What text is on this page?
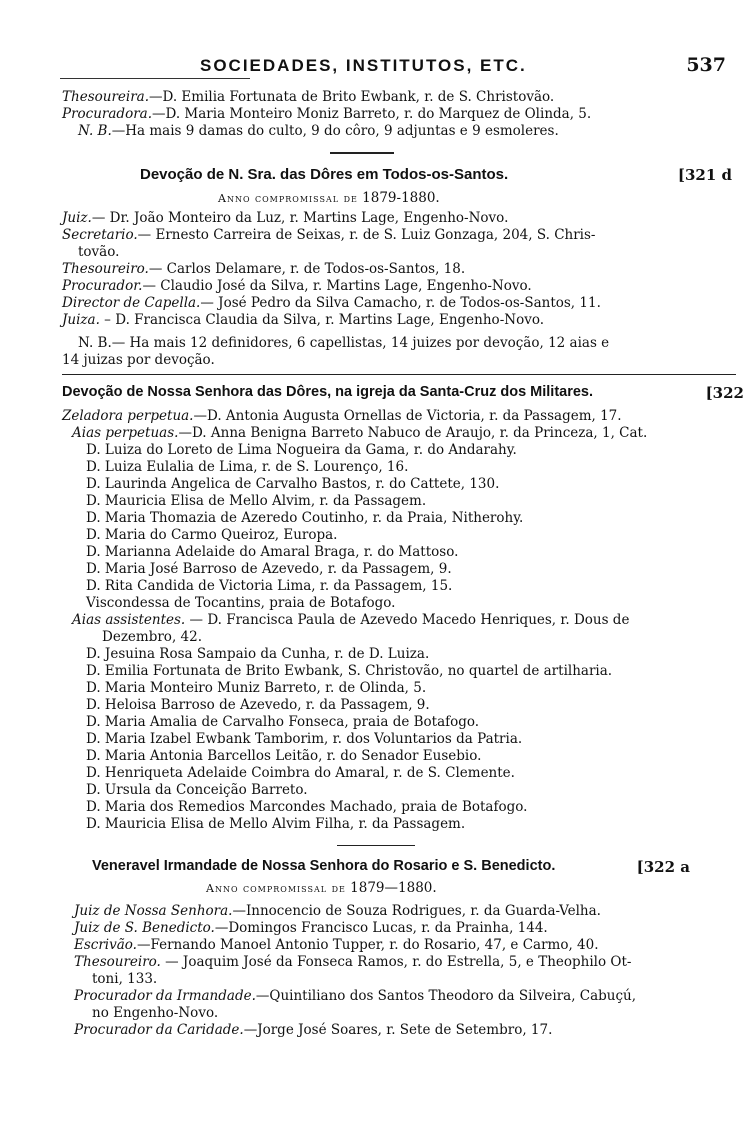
SOCIEDADES, INSTITUTOS, ETC.	537
Thesoureira.—D. Emilia Fortunata de Brito Ewbank, r. de S. Christovão.
Procuradora.—D. Maria Monteiro Moniz Barreto, r. do Marquez de Olinda, 5.
N. B.—Ha mais 9 damas do culto, 9 do côro, 9 adjuntas e 9 esmoleres.
Devoção de N. Sra. das Dôres em Todos-os-Santos.	[321 d
Anno compromissal de 1879-1880.
Juiz.— Dr. João Monteiro da Luz, r. Martins Lage, Engenho-Novo.
Secretario.— Ernesto Carreira de Seixas, r. de S. Luiz Gonzaga, 204, S. Chris-
tovão.
Thesoureiro.— Carlos Delamare, r. de Todos-os-Santos, 18.
Procurador.— Claudio José da Silva, r. Martins Lage, Engenho-Novo.
Director de Capella.— José Pedro da Silva Camacho, r. de Todos-os-Santos, 11.
Juiza. – D. Francisca Claudia da Silva, r. Martins Lage, Engenho-Novo.
N. B.— Ha mais 12 definidores, 6 capellistas, 14 juizes por devoção, 12 aias e
14 juizas por devoção.
Devoção de Nossa Senhora das Dôres, na igreja da Santa-Cruz dos Militares.	[322
Zeladora perpetua.—D. Antonia Augusta Ornellas de Victoria, r. da Passagem, 17.
Aias perpetuas.—D. Anna Benigna Barreto Nabuco de Araujo, r. da Princeza, 1, Cat.
D. Luiza do Loreto de Lima Nogueira da Gama, r. do Andarahy.
D. Luiza Eulalia de Lima, r. de S. Lourenço, 16.
D. Laurinda Angelica de Carvalho Bastos, r. do Cattete, 130.
D. Mauricia Elisa de Mello Alvim, r. da Passagem.
D. Maria Thomazia de Azeredo Coutinho, r. da Praia, Nitherohy.
D. Maria do Carmo Queiroz, Europa.
D. Marianna Adelaide do Amaral Braga, r. do Mattoso.
D. Maria José Barroso de Azevedo, r. da Passagem, 9.
D. Rita Candida de Victoria Lima, r. da Passagem, 15.
Viscondessa de Tocantins, praia de Botafogo.
Aias assistentes. — D. Francisca Paula de Azevedo Macedo Henriques, r. Dous de
Dezembro, 42.
D. Jesuina Rosa Sampaio da Cunha, r. de D. Luiza.
D. Emilia Fortunata de Brito Ewbank, S. Christovão, no quartel de artilharia.
D. Maria Monteiro Muniz Barreto, r. de Olinda, 5.
D. Heloisa Barroso de Azevedo, r. da Passagem, 9.
D. Maria Amalia de Carvalho Fonseca, praia de Botafogo.
D. Maria Izabel Ewbank Tamborim, r. dos Voluntarios da Patria.
D. Maria Antonia Barcellos Leitão, r. do Senador Eusebio.
D. Henriqueta Adelaide Coimbra do Amaral, r. de S. Clemente.
D. Ursula da Conceição Barreto.
D. Maria dos Remedios Marcondes Machado, praia de Botafogo.
D. Mauricia Elisa de Mello Alvim Filha, r. da Passagem.
Veneravel Irmandade de Nossa Senhora do Rosario e S. Benedicto.	[322 a
Anno compromissal de 1879—1880.
Juiz de Nossa Senhora.—Innocencio de Souza Rodrigues, r. da Guarda-Velha.
Juiz de S. Benedicto.—Domingos Francisco Lucas, r. da Prainha, 144.
Escrivão.—Fernando Manoel Antonio Tupper, r. do Rosario, 47, e Carmo, 40.
Thesoureiro. — Joaquim José da Fonseca Ramos, r. do Estrella, 5, e Theophilo Ot-
toni, 133.
Procurador da Irmandade.—Quintiliano dos Santos Theodoro da Silveira, Cabuçú,
no Engenho-Novo.
Procurador da Caridade.—Jorge José Soares, r. Sete de Setembro, 17.
